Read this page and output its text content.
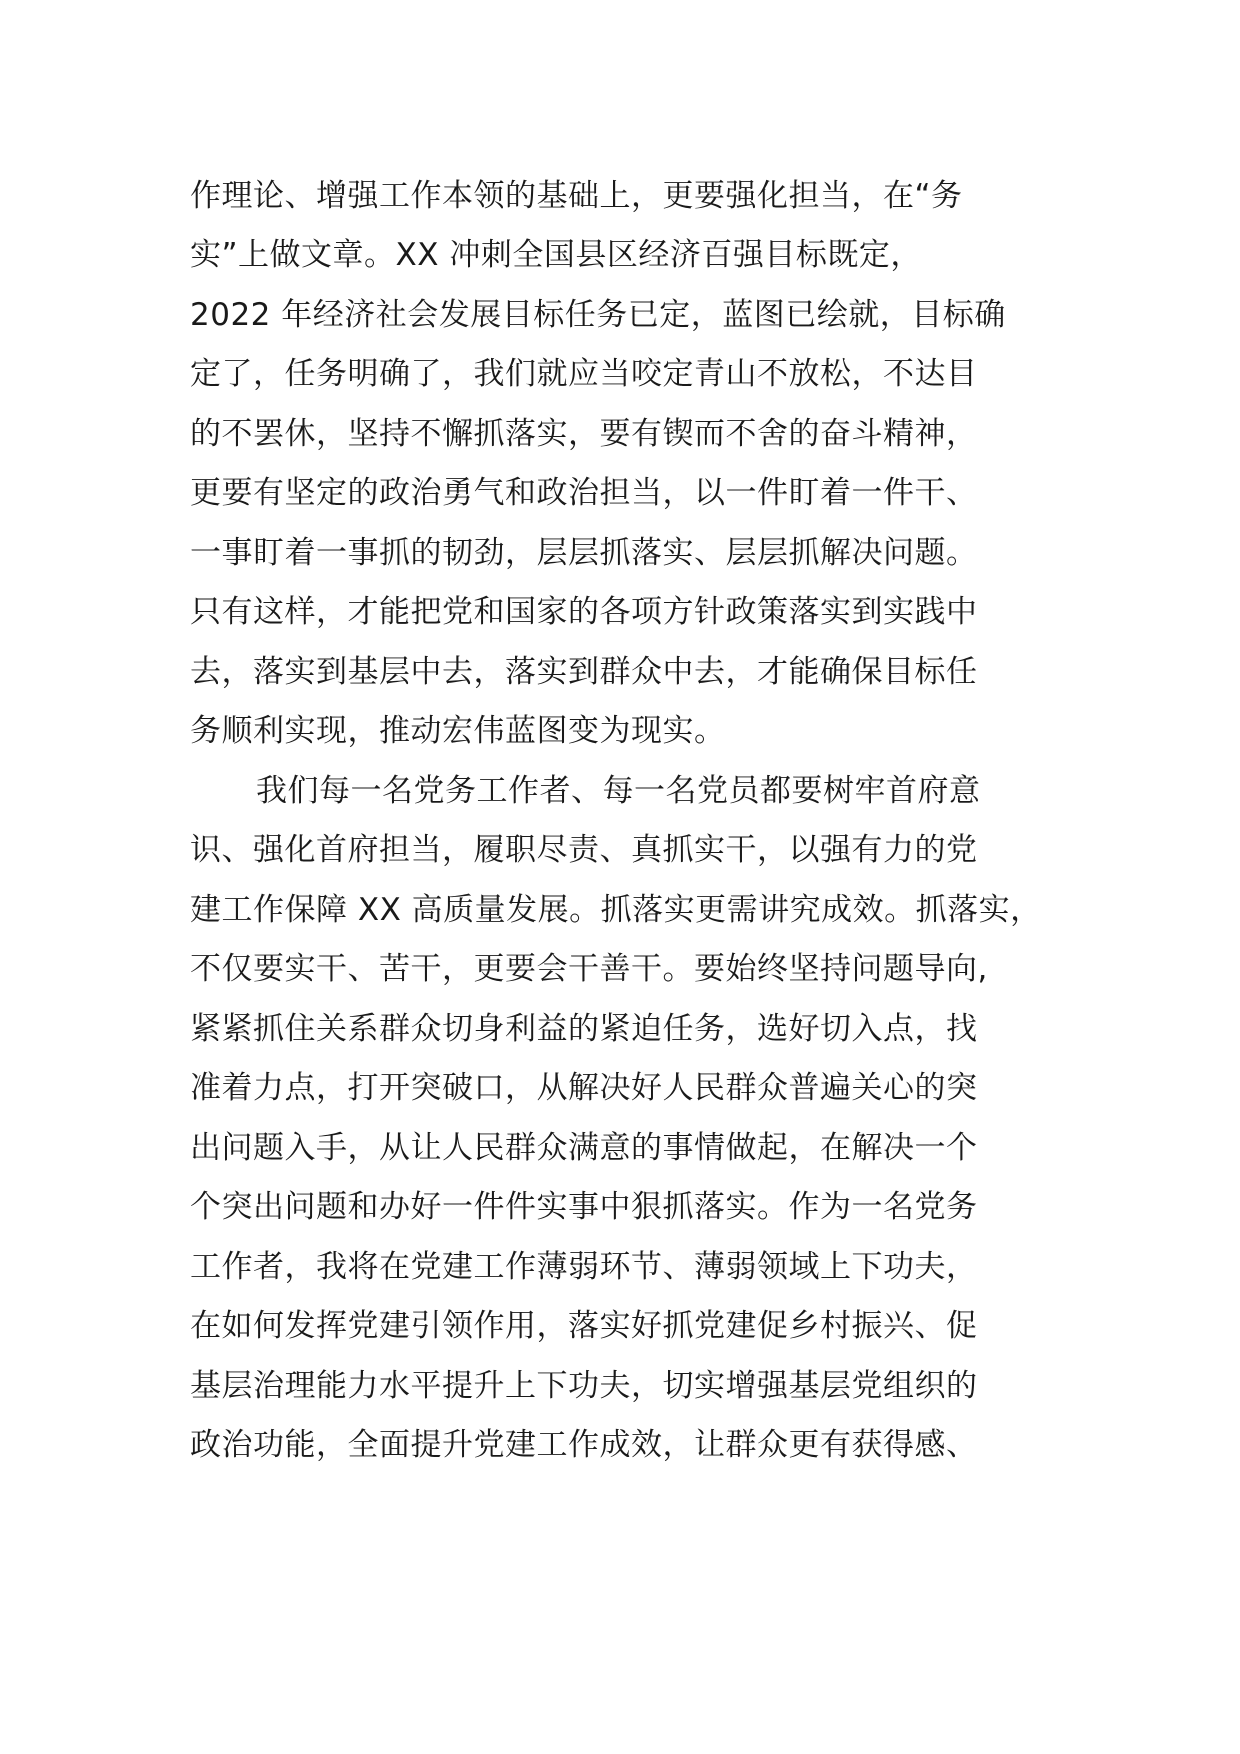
作理论、增强工作本领的基础上，更要强化担当，在“务
实”上做文章。XX 冲刺全国县区经济百强目标既定，
2022 年经济社会发展目标任务已定，蓝图已绘就，目标确
定了，任务明确了，我们就应当咬定青山不放松，不达目
的不罢休，坚持不懈抓落实，要有锲而不舍的奋斗精神，
更要有坚定的政治勇气和政治担当，以一件盯着一件干、
一事盯着一事抓的韧劲，层层抓落实、层层抓解决问题。
只有这样，才能把党和国家的各项方针政策落实到实践中
去，落实到基层中去，落实到群众中去，才能确保目标任
务顺利实现，推动宏伟蓝图变为现实。
我们每一名党务工作者、每一名党员都要树牢首府意
识、强化首府担当，履职尽责、真抓实干，以强有力的党
建工作保障 XX 高质量发展。抓落实更需讲究成效。抓落实，
不仅要实干、苦干，更要会干善干。要始终坚持问题导向,
紧紧抓住关系群众切身利益的紧迫任务，选好切入点，找
准着力点，打开突破口，从解决好人民群众普遍关心的突
出问题入手，从让人民群众满意的事情做起，在解决一个
个突出问题和办好一件件实事中狠抓落实。作为一名党务
工作者，我将在党建工作薄弱环节、薄弱领域上下功夫，
在如何发挥党建引领作用，落实好抓党建促乡村振兴、促
基层治理能力水平提升上下功夫，切实增强基层党组织的
政治功能，全面提升党建工作成效，让群众更有获得感、
